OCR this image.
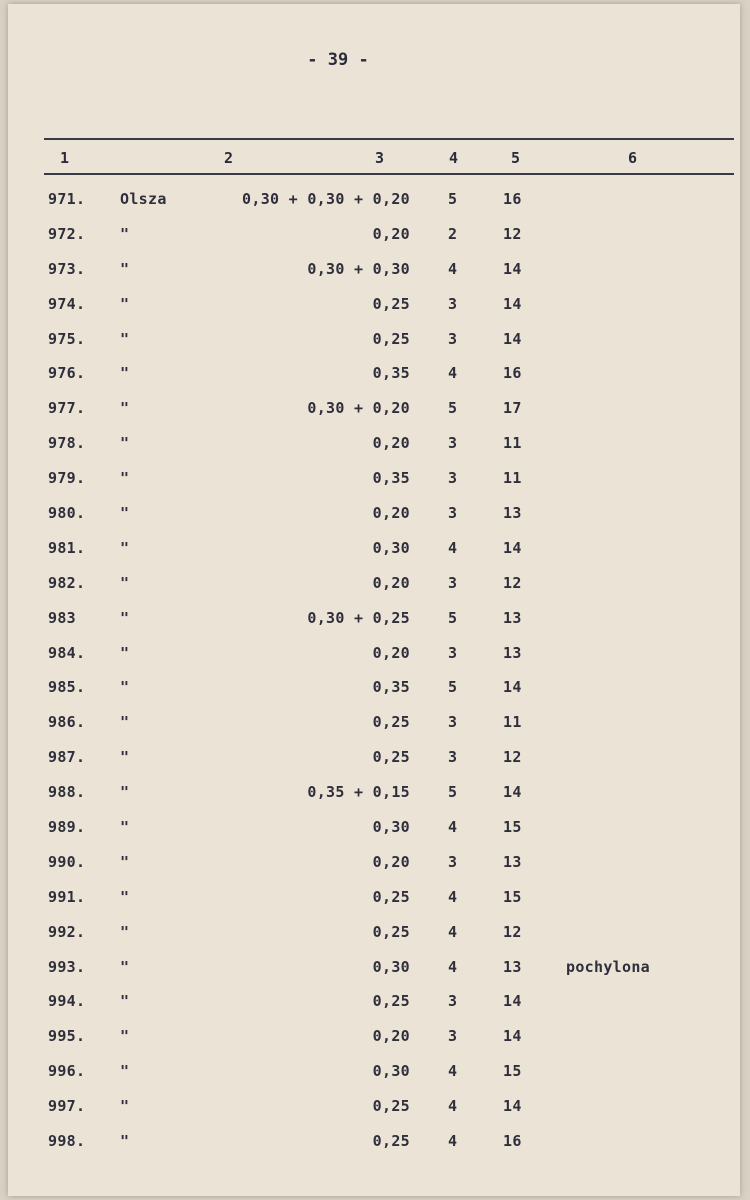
- 39 -
1	2	3	4	5	6
971. Olsza	0,30 + 0,30 + 0,20	5	16
972. "	0,20	2	12
973. "	0,30 + 0,30	4	14
974. "	0,25	3	14
975. "	0,25	3	14
976. "	0,35	4	16
977. "	0,30 + 0,20	5	17
978. "	0,20	3	11
979. "	0,35	3	11
980. "	0,20	3	13
981. "	0,30	4	14
982. "	0,20	3	12
983	"	0,30 + 0,25	5	13
984. "	0,20	3	13
985. "	0,35	5	14
986. "	0,25	3	11
987. "	0,25	3	12
988. "	0,35 + 0,15	5	14
989. "	0,30	4	15
990. "	0,20	3	13
991. "	0,25	4	15
992. "	0,25	4	12
993. "	0,30	4	13	pochylona
994. "	0,25	3	14
995. "	0,20	3	14
996. "	0,30	4	15
997. "	0,25	4	14
998. "	0,25	4	16
